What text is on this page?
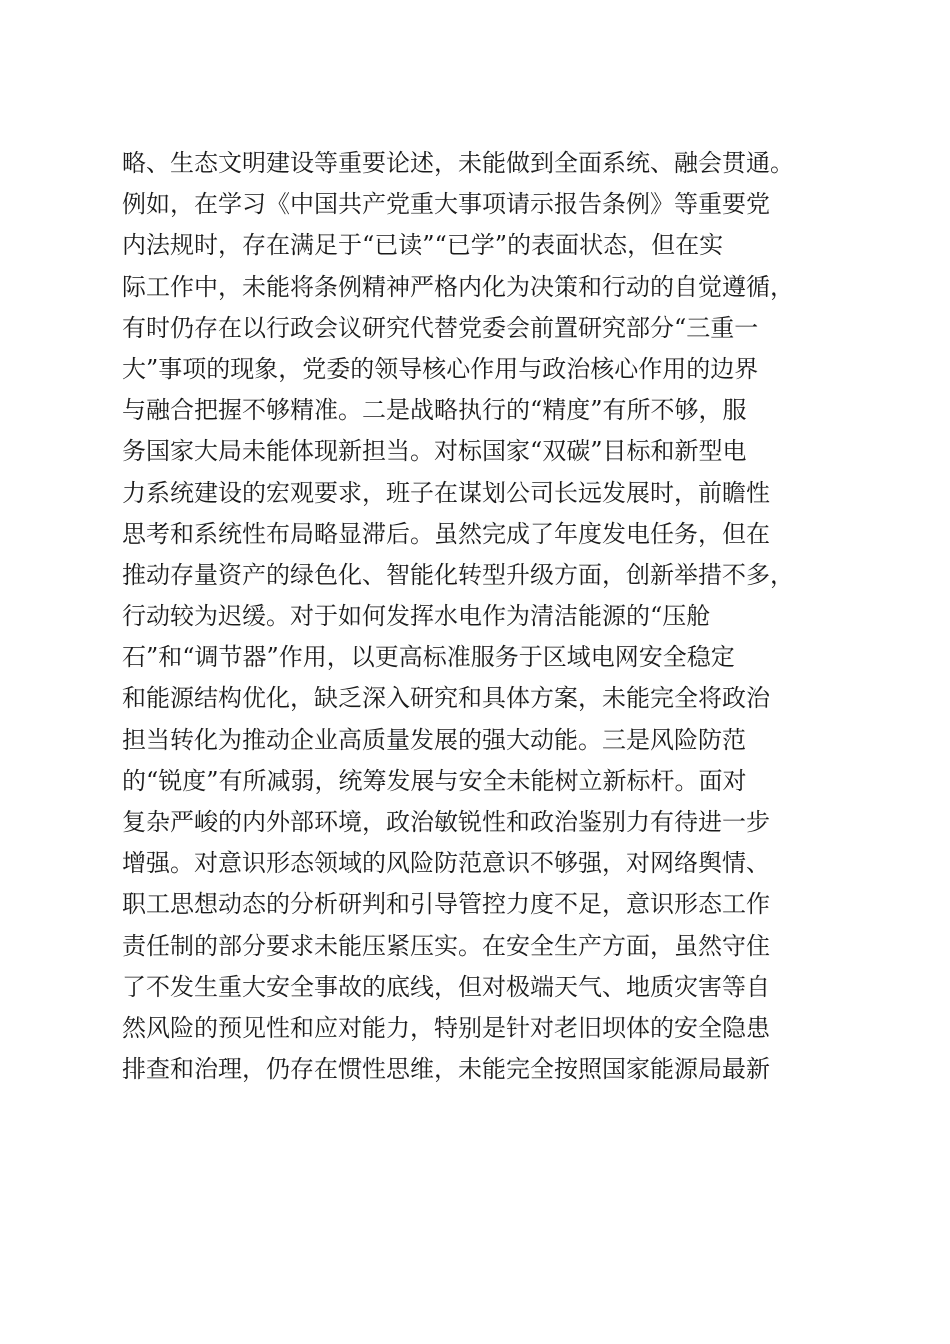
略、生态文明建设等重要论述，未能做到全面系统、融会贯通。
例如，在学习《中国共产党重大事项请示报告条例》等重要党
内法规时，存在满足于“已读”“已学”的表面状态，但在实
际工作中，未能将条例精神严格内化为决策和行动的自觉遵循，
有时仍存在以行政会议研究代替党委会前置研究部分“三重一
大”事项的现象，党委的领导核心作用与政治核心作用的边界
与融合把握不够精准。二是战略执行的“精度”有所不够，服
务国家大局未能体现新担当。对标国家“双碳”目标和新型电
力系统建设的宏观要求，班子在谋划公司长远发展时，前瞻性
思考和系统性布局略显滞后。虽然完成了年度发电任务，但在
推动存量资产的绿色化、智能化转型升级方面，创新举措不多，
行动较为迟缓。对于如何发挥水电作为清洁能源的“压舱
石”和“调节器”作用，以更高标准服务于区域电网安全稳定
和能源结构优化，缺乏深入研究和具体方案，未能完全将政治
担当转化为推动企业高质量发展的强大动能。三是风险防范
的“锐度”有所减弱，统筹发展与安全未能树立新标杆。面对
复杂严峻的内外部环境，政治敏锐性和政治鉴别力有待进一步
增强。对意识形态领域的风险防范意识不够强，对网络舆情、
职工思想动态的分析研判和引导管控力度不足，意识形态工作
责任制的部分要求未能压紧压实。在安全生产方面，虽然守住
了不发生重大安全事故的底线，但对极端天气、地质灾害等自
然风险的预见性和应对能力，特别是针对老旧坝体的安全隐患
排查和治理，仍存在惯性思维，未能完全按照国家能源局最新
